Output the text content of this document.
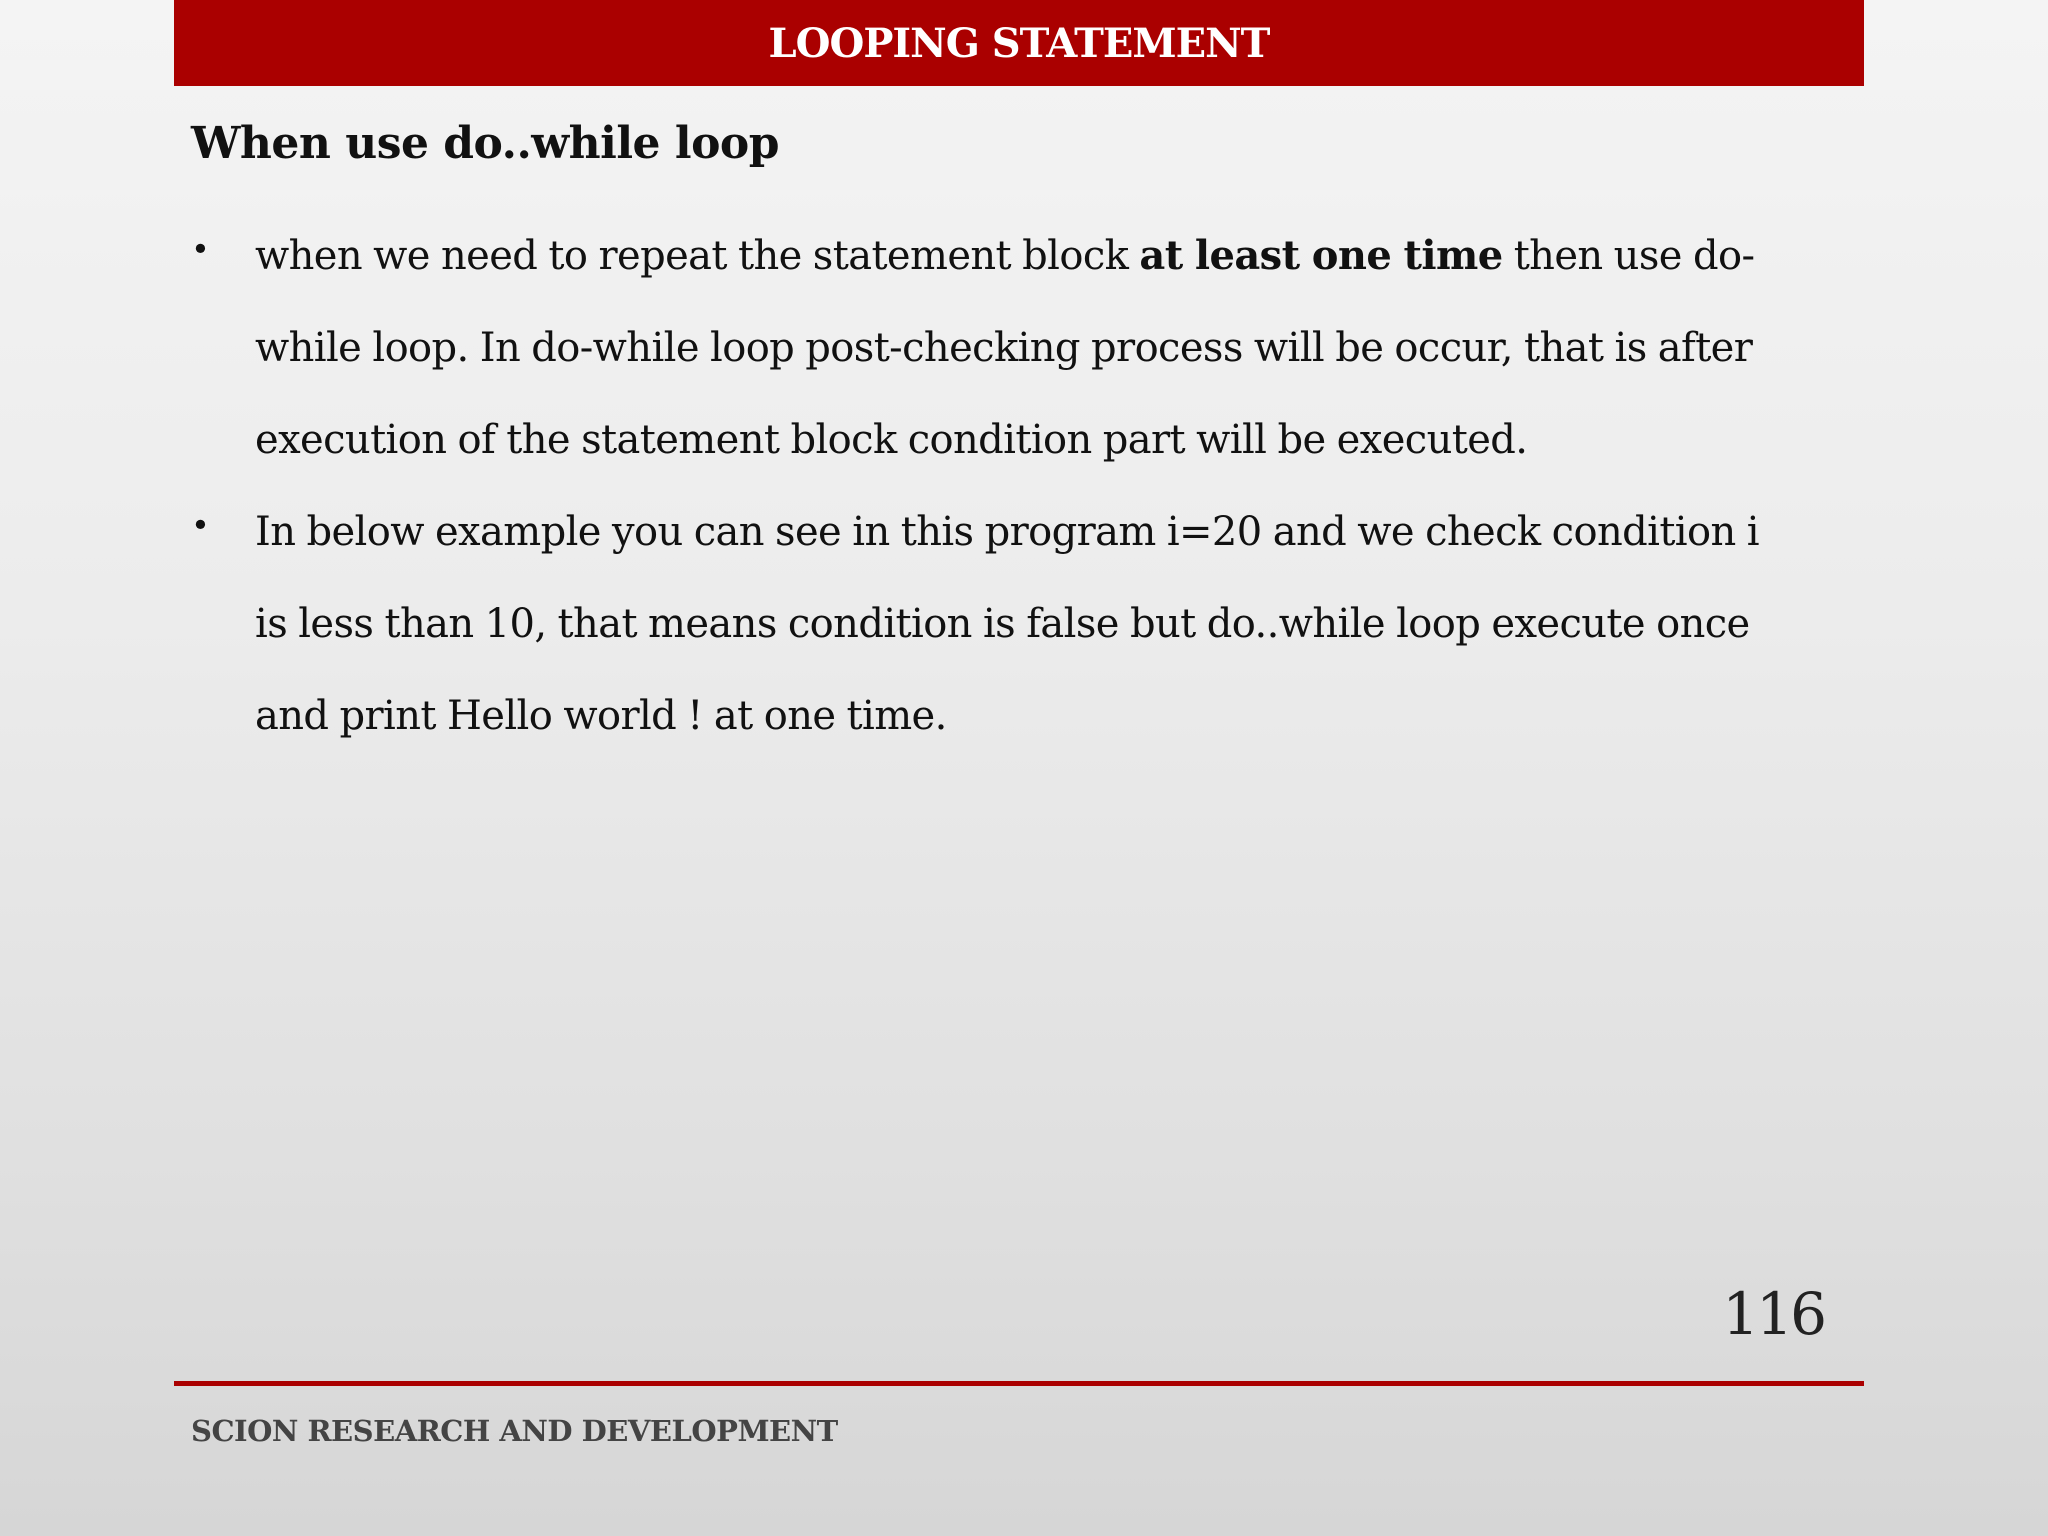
LOOPING STATEMENT
When use do..while loop
• when we need to repeat the statement block at least one time then use do-
while loop. In do-while loop post-checking process will be occur, that is after
execution of the statement block condition part will be executed.
• In below example you can see in this program i=20 and we check condition i
is less than 10, that means condition is false but do..while loop execute once
and print Hello world ! at one time.
116
SCION RESEARCH AND DEVELOPMENT
